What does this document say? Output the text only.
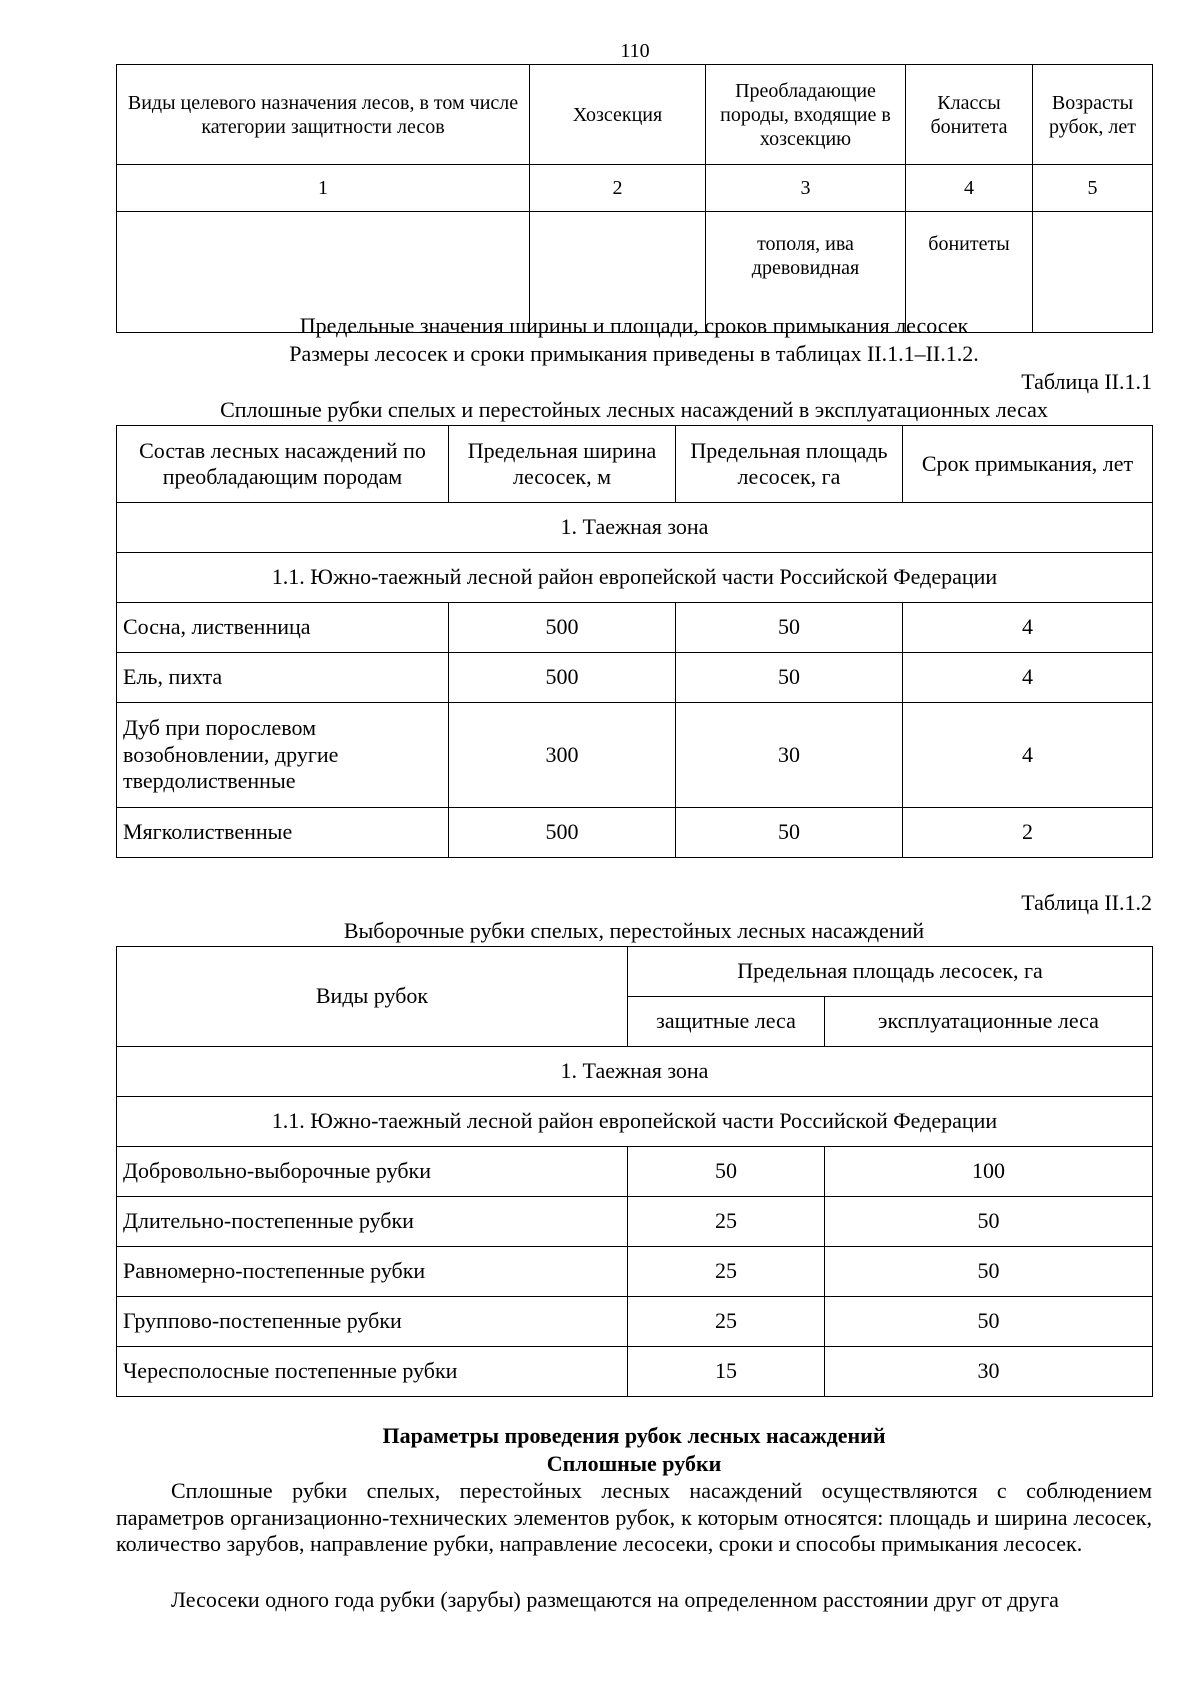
110
Виды целевого назначения лесов, в том числе категории защитности лесов	Хозсекция	Преобладающие породы, входящие в хозсекцию	Классы бонитета	Возрасты рубок, лет
1	2	3	4	5
		тополя, ива древовидная	бонитеты	
Предельные значения ширины и площади, сроков примыкания лесосек
Размеры лесосек и сроки примыкания приведены в таблицах II.1.1–II.1.2.
Таблица II.1.1
Сплошные рубки спелых и перестойных лесных насаждений в эксплуатационных лесах
Состав лесных насаждений по преобладающим породам	Предельная ширина лесосек, м	Предельная площадь лесосек, га	Срок примыкания, лет
1. Таежная зона			
1.1. Южно-таежный лесной район европейской части Российской Федерации			
Сосна, лиственница	500	50	4
Ель, пихта	500	50	4
Дуб при порослевом возобновлении, другие твердолиственные	300	30	4
Мягколиственные	500	50	2
Таблица II.1.2
Выборочные рубки спелых, перестойных лесных насаждений
Виды рубок	Предельная площадь лесосек, га	
	защитные леса	эксплуатационные леса
1. Таежная зона		
1.1. Южно-таежный лесной район европейской части Российской Федерации		
Добровольно-выборочные рубки	50	100
Длительно-постепенные рубки	25	50
Равномерно-постепенные рубки	25	50
Группово-постепенные рубки	25	50
Чересполосные постепенные рубки	15	30
Параметры проведения рубок лесных насаждений
Сплошные рубки
Сплошные рубки спелых, перестойных лесных насаждений осуществляются с соблюдением параметров организационно-технических элементов рубок, к которым относятся: площадь и ширина лесосек, количество зарубов, направление рубки, направление лесосеки, сроки и способы примыкания лесосек.
Лесосеки одного года рубки (зарубы) размещаются на определенном расстоянии друг от друга
